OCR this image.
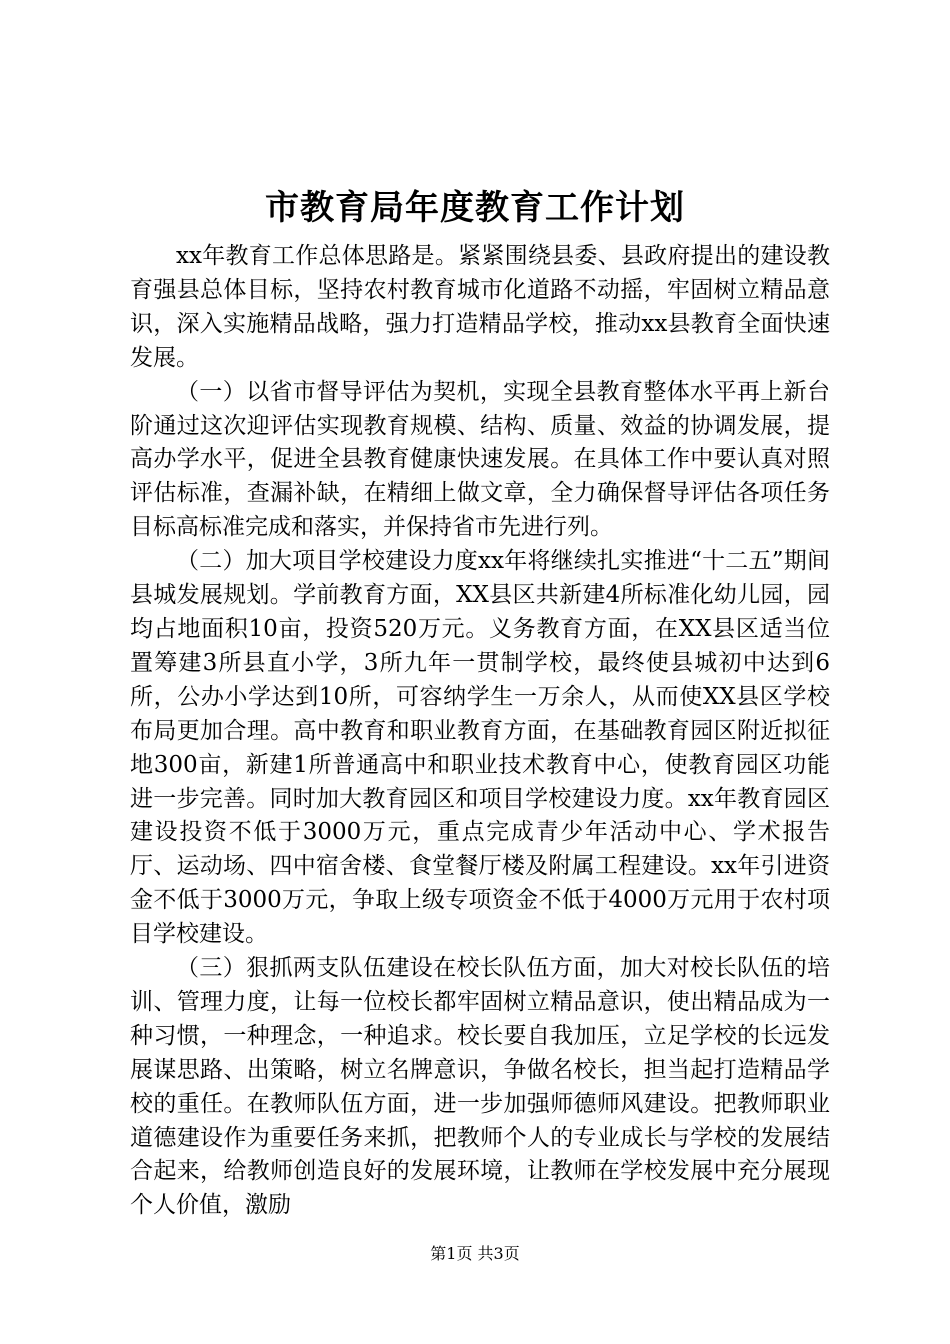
市教育局年度教育工作计划

xx年教育工作总体思路是。紧紧围绕县委、县政府提出的建设教育强县总体目标，坚持农村教育城市化道路不动摇，牢固树立精品意识，深入实施精品战略，强力打造精品学校，推动xx县教育全面快速发展。

（一）以省市督导评估为契机，实现全县教育整体水平再上新台阶通过这次迎评估实现教育规模、结构、质量、效益的协调发展，提高办学水平，促进全县教育健康快速发展。在具体工作中要认真对照评估标准，查漏补缺，在精细上做文章，全力确保督导评估各项任务目标高标准完成和落实，并保持省市先进行列。

（二）加大项目学校建设力度xx年将继续扎实推进“十二五”期间县城发展规划。学前教育方面，XX县区共新建4所标准化幼儿园，园均占地面积10亩，投资520万元。义务教育方面，在XX县区适当位置筹建3所县直小学，3所九年一贯制学校，最终使县城初中达到6所，公办小学达到10所，可容纳学生一万余人，从而使XX县区学校布局更加合理。高中教育和职业教育方面，在基础教育园区附近拟征地300亩，新建1所普通高中和职业技术教育中心，使教育园区功能进一步完善。同时加大教育园区和项目学校建设力度。xx年教育园区建设投资不低于3000万元，重点完成青少年活动中心、学术报告厅、运动场、四中宿舍楼、食堂餐厅楼及附属工程建设。xx年引进资金不低于3000万元，争取上级专项资金不低于4000万元用于农村项目学校建设。

（三）狠抓两支队伍建设在校长队伍方面，加大对校长队伍的培训、管理力度，让每一位校长都牢固树立精品意识，使出精品成为一种习惯，一种理念，一种追求。校长要自我加压，立足学校的长远发展谋思路、出策略，树立名牌意识，争做名校长，担当起打造精品学校的重任。在教师队伍方面，进一步加强师德师风建设。把教师职业道德建设作为重要任务来抓，把教师个人的专业成长与学校的发展结合起来，给教师创造良好的发展环境，让教师在学校发展中充分展现个人价值，激励

第1页 共3页
